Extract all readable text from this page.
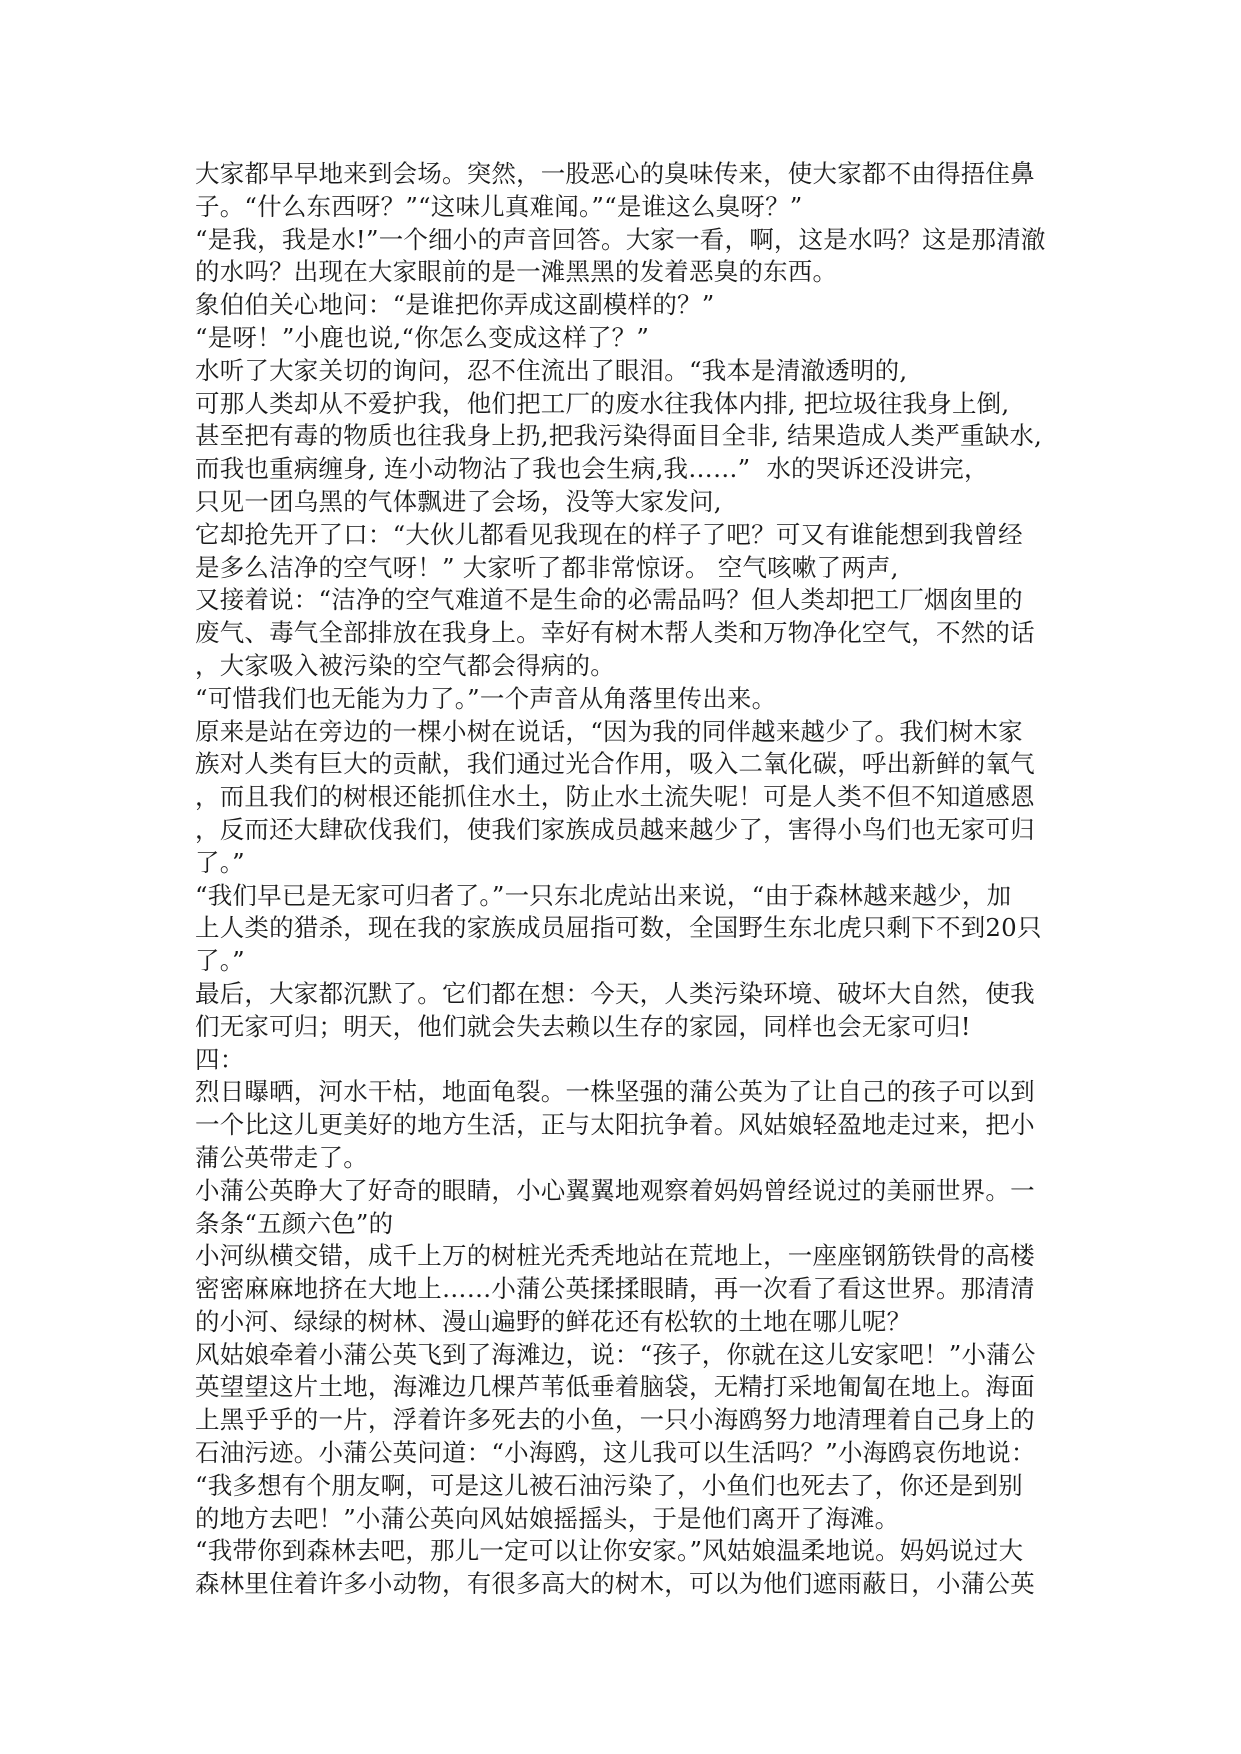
大家都早早地来到会场。突然，一股恶心的臭味传来，使大家都不由得捂住鼻
子。“什么东西呀？”“这味儿真难闻。”“是谁这么臭呀？”
“是我，我是水!”一个细小的声音回答。大家一看，啊，这是水吗？这是那清澈
的水吗？出现在大家眼前的是一滩黑黑的发着恶臭的东西。
象伯伯关心地问：“是谁把你弄成这副模样的？”
“是呀！”小鹿也说,“你怎么变成这样了？”
水听了大家关切的询问，忍不住流出了眼泪。“我本是清澈透明的,
可那人类却从不爱护我，他们把工厂的废水往我体内排, 把垃圾往我身上倒,
甚至把有毒的物质也往我身上扔,把我污染得面目全非, 结果造成人类严重缺水,
而我也重病缠身, 连小动物沾了我也会生病,我……”  水的哭诉还没讲完，
只见一团乌黑的气体飘进了会场，没等大家发问,
它却抢先开了口：“大伙儿都看见我现在的样子了吧？可又有谁能想到我曾经
是多么洁净的空气呀！” 大家听了都非常惊讶。 空气咳嗽了两声,
又接着说：“洁净的空气难道不是生命的必需品吗？但人类却把工厂烟囱里的
废气、毒气全部排放在我身上。幸好有树木帮人类和万物净化空气，不然的话
，大家吸入被污染的空气都会得病的。
“可惜我们也无能为力了。”一个声音从角落里传出来。
原来是站在旁边的一棵小树在说话，“因为我的同伴越来越少了。我们树木家
族对人类有巨大的贡献，我们通过光合作用，吸入二氧化碳，呼出新鲜的氧气
，而且我们的树根还能抓住水土，防止水土流失呢！可是人类不但不知道感恩
，反而还大肆砍伐我们，使我们家族成员越来越少了，害得小鸟们也无家可归
了。”
“我们早已是无家可归者了。”一只东北虎站出来说，“由于森林越来越少，加
上人类的猎杀，现在我的家族成员屈指可数，全国野生东北虎只剩下不到20只
了。”
最后，大家都沉默了。它们都在想：今天，人类污染环境、破坏大自然，使我
们无家可归；明天，他们就会失去赖以生存的家园，同样也会无家可归!
四：
烈日曝晒，河水干枯，地面龟裂。一株坚强的蒲公英为了让自己的孩子可以到
一个比这儿更美好的地方生活，正与太阳抗争着。风姑娘轻盈地走过来，把小
蒲公英带走了。
小蒲公英睁大了好奇的眼睛，小心翼翼地观察着妈妈曾经说过的美丽世界。一
条条“五颜六色”的
小河纵横交错，成千上万的树桩光秃秃地站在荒地上，一座座钢筋铁骨的高楼
密密麻麻地挤在大地上……小蒲公英揉揉眼睛，再一次看了看这世界。那清清
的小河、绿绿的树林、漫山遍野的鲜花还有松软的土地在哪儿呢？
风姑娘牵着小蒲公英飞到了海滩边，说：“孩子，你就在这儿安家吧！”小蒲公
英望望这片土地，海滩边几棵芦苇低垂着脑袋，无精打采地匍匐在地上。海面
上黑乎乎的一片，浮着许多死去的小鱼，一只小海鸥努力地清理着自己身上的
石油污迹。小蒲公英问道：“小海鸥，这儿我可以生活吗？”小海鸥哀伤地说：
“我多想有个朋友啊，可是这儿被石油污染了，小鱼们也死去了，你还是到别
的地方去吧！”小蒲公英向风姑娘摇摇头，于是他们离开了海滩。
“我带你到森林去吧，那儿一定可以让你安家。”风姑娘温柔地说。妈妈说过大
森林里住着许多小动物，有很多高大的树木，可以为他们遮雨蔽日，小蒲公英
